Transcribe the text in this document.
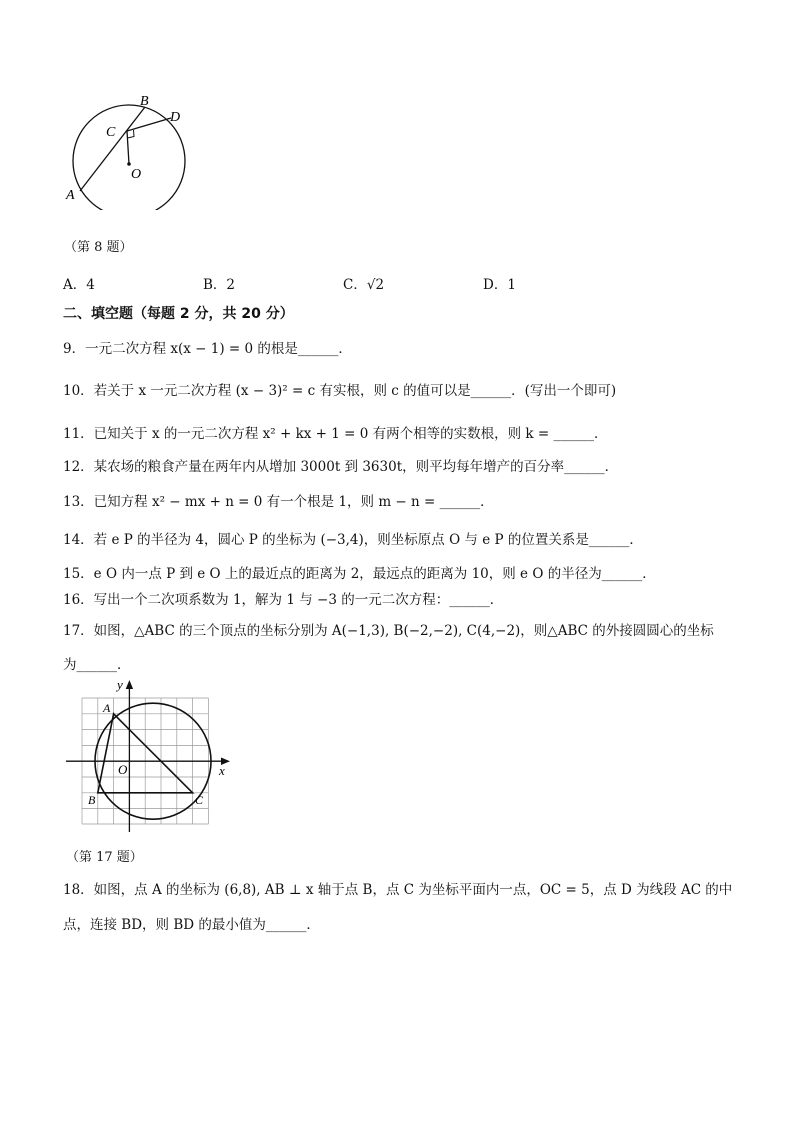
B
D
C
O
A
（第 8 题）
A．4	B．2	C．√2	D．1
二、填空题（每题 2 分，共 20 分）
9．一元二次方程 x(x − 1) = 0 的根是______．
10．若关于 x 一元二次方程 (x − 3)² = c 有实根，则 c 的值可以是______．(写出一个即可)
11．已知关于 x 的一元二次方程 x² + kx + 1 = 0 有两个相等的实数根，则 k = ______．
12．某农场的粮食产量在两年内从增加 3000t 到 3630t，则平均每年增产的百分率______．
13．已知方程 x² − mx + n = 0 有一个根是 1，则 m − n = ______．
14．若 e P 的半径为 4，圆心 P 的坐标为 (−3,4)，则坐标原点 O 与 e P 的位置关系是______．
15．e O 内一点 P 到 e O 上的最近点的距离为 2，最远点的距离为 10，则 e O 的半径为______．
16．写出一个二次项系数为 1，解为 1 与 −3 的一元二次方程：______．
17．如图，△ABC 的三个顶点的坐标分别为 A(−1,3), B(−2,−2), C(4,−2)，则△ABC 的外接圆圆心的坐标
为______．
y
x
A
O
B	C
（第 17 题）
18．如图，点 A 的坐标为 (6,8), AB ⊥ x 轴于点 B，点 C 为坐标平面内一点，OC = 5，点 D 为线段 AC 的中
点，连接 BD，则 BD 的最小值为______．
